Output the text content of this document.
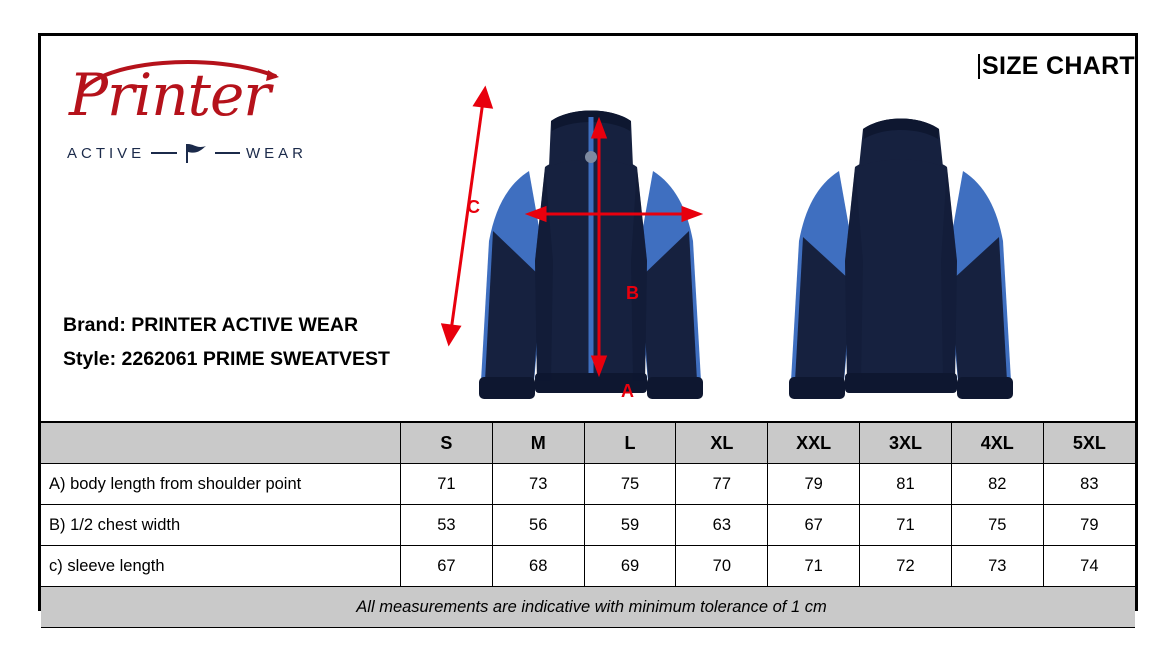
SIZE CHART
Printer
ACTIVE	WEAR
Brand: PRINTER ACTIVE WEAR
Style: 2262061 PRIME SWEATVEST
B
A
C
	S	M	L	XL	XXL	3XL	4XL	5XL
A) body length from shoulder point	71	73	75	77	79	81	82	83
B) 1/2 chest width	53	56	59	63	67	71	75	79
c) sleeve length	67	68	69	70	71	72	73	74
All measurements are indicative with minimum tolerance of 1 cm								
